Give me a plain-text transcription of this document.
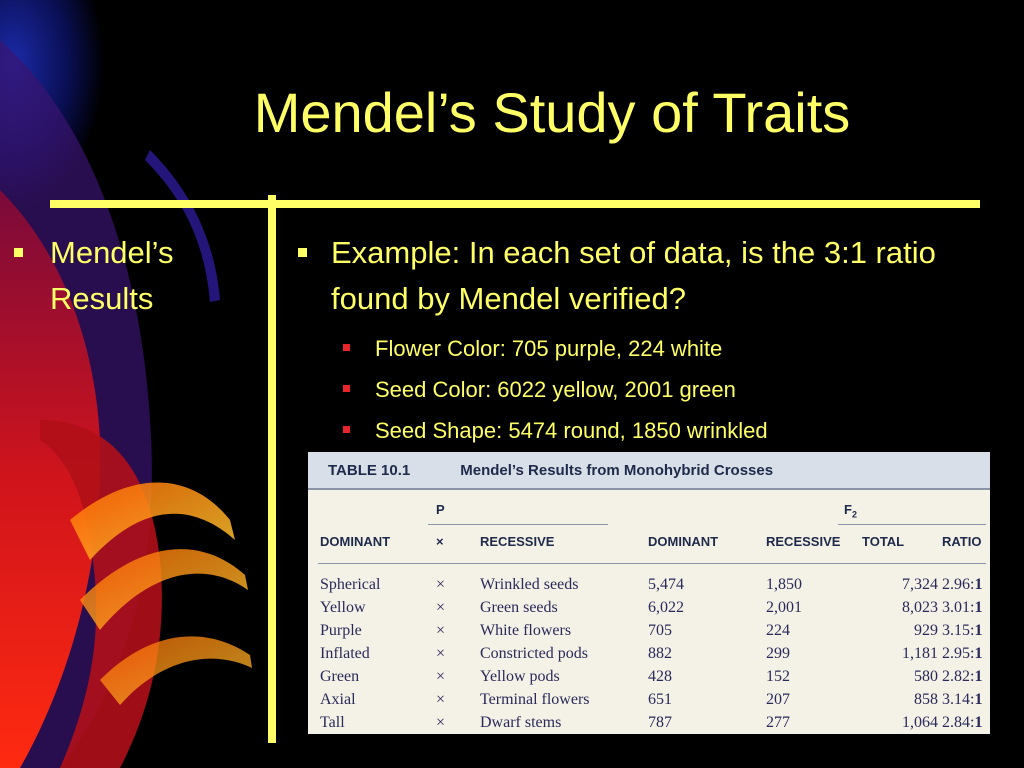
Mendel’s Study of Traits
Mendel’s Results
Example: In each set of data, is the 3:1 ratio found by Mendel verified?
Flower Color: 705 purple, 224 white
Seed Color: 6022 yellow, 2001 green
Seed Shape: 5474 round, 1850 wrinkled
TABLE 10.1	Mendel’s Results from Monohybrid Crosses
P	$F_2$
DOMINANT	×	RECESSIVE	DOMINANT	RECESSIVE	TOTAL	RATIO
Spherical	×	Wrinkled seeds	5,474	1,850	7,324	2.96:1
Yellow	×	Green seeds	6,022	2,001	8,023	3.01:1
Purple	×	White flowers	705	224	929	3.15:1
Inflated	×	Constricted pods	882	299	1,181	2.95:1
Green	×	Yellow pods	428	152	580	2.82:1
Axial	×	Terminal flowers	651	207	858	3.14:1
Tall	×	Dwarf stems	787	277	1,064	2.84:1
